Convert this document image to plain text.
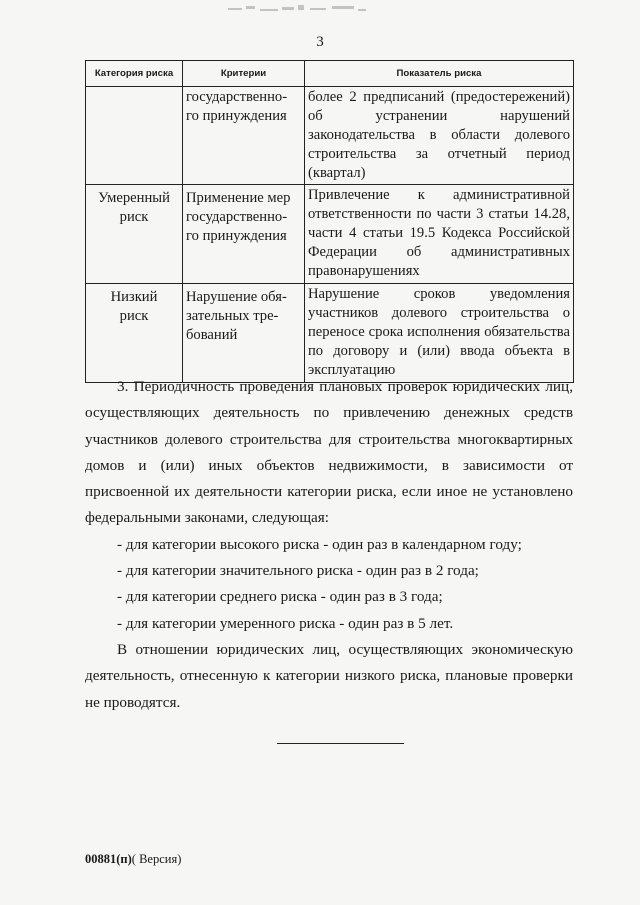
3
Категория риска	Критерии	Показатель риска
	государственно-
го принуждения	более 2 предписаний (предостережений) об устранении нарушений законодательства в области долевого строительства за отчетный период (квартал)
Умеренный
риск	Применение мер
государственно-
го принуждения	Привлечение к административной ответственности по части 3 статьи 14.28, части 4 статьи 19.5 Кодекса Российской Федерации об административных правонарушениях
Низкий
риск	Нарушение обя-
зательных тре-
бований	Нарушение сроков уведомления участников долевого строительства о переносе срока исполнения обязательства по договору и (или) ввода объекта в эксплуатацию

3. Периодичность проведения плановых проверок юридических лиц, осуществляющих деятельность по привлечению денежных средств участников долевого строительства для строительства многоквартирных домов и (или) иных объектов недвижимости, в зависимости от присвоенной их деятельности категории риска, если иное не установлено федеральными законами, следующая:

- для категории высокого риска - один раз в календарном году;

- для категории значительного риска - один раз в 2 года;

- для категории среднего риска - один раз в 3 года;

- для категории умеренного риска - один раз в 5 лет.

В отношении юридических лиц, осуществляющих экономическую деятельность, отнесенную к категории низкого риска, плановые проверки не проводятся.

00881(п)( Версия)
